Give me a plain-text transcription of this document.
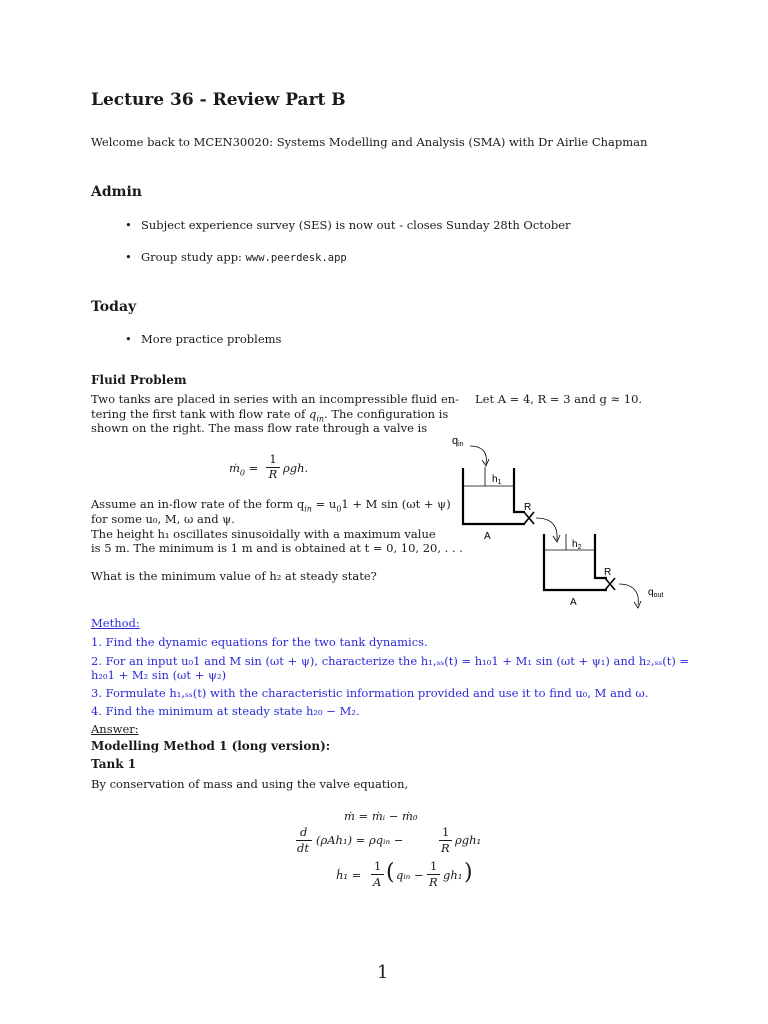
Lecture 36 - Review Part B
Welcome back to MCEN30020: Systems Modelling and Analysis (SMA) with Dr Airlie Chapman
Admin
• Subject experience survey (SES) is now out - closes Sunday 28th October
• Group study app: www.peerdesk.app
Today
• More practice problems
Fluid Problem
Two tanks are placed in series with an incompressible fluid en-
tering the first tank with flow rate of $q_{in}$. The configuration is
shown on the right. The mass flow rate through a valve is
ṁ$_0$ =
1
R ρgh.
Assume an in-flow rate of the form $q_{in} = u_01 + M$ sin (ωt + ψ)
for some u₀, M, ω and ψ.
The height h₁ oscillates sinusoidally with a maximum value
is 5 m. The minimum is 1 m and is obtained at t = 0, 10, 20, . . .
What is the minimum value of h₂ at steady state?
Let A = 4, R = 3 and g ≈ 10.
qin
$h_1$
R
A
$h_2$
R
A
$q_{out}$
Method:
1. Find the dynamic equations for the two tank dynamics.
2. For an input u₀1 and M sin (ωt + ψ), characterize the h₁,ₛₛ(t) = h₁₀1 + M₁ sin (ωt + ψ₁) and h₂,ₛₛ(t) =
h₂₀1 + M₂ sin (ωt + ψ₂)
3. Formulate h₁,ₛₛ(t) with the characteristic information provided and use it to find u₀, M and ω.
4. Find the minimum at steady state h₂₀ − M₂.
Answer:
Modelling Method 1 (long version):
Tank 1
By conservation of mass and using the valve equation,
ṁ = ṁᵢ − ṁ₀
d
dt
(ρAh₁) = ρqᵢₙ −
1
R
ρgh₁
ḣ₁ =
1
A ( qᵢₙ −
1
R gh₁ )
1
